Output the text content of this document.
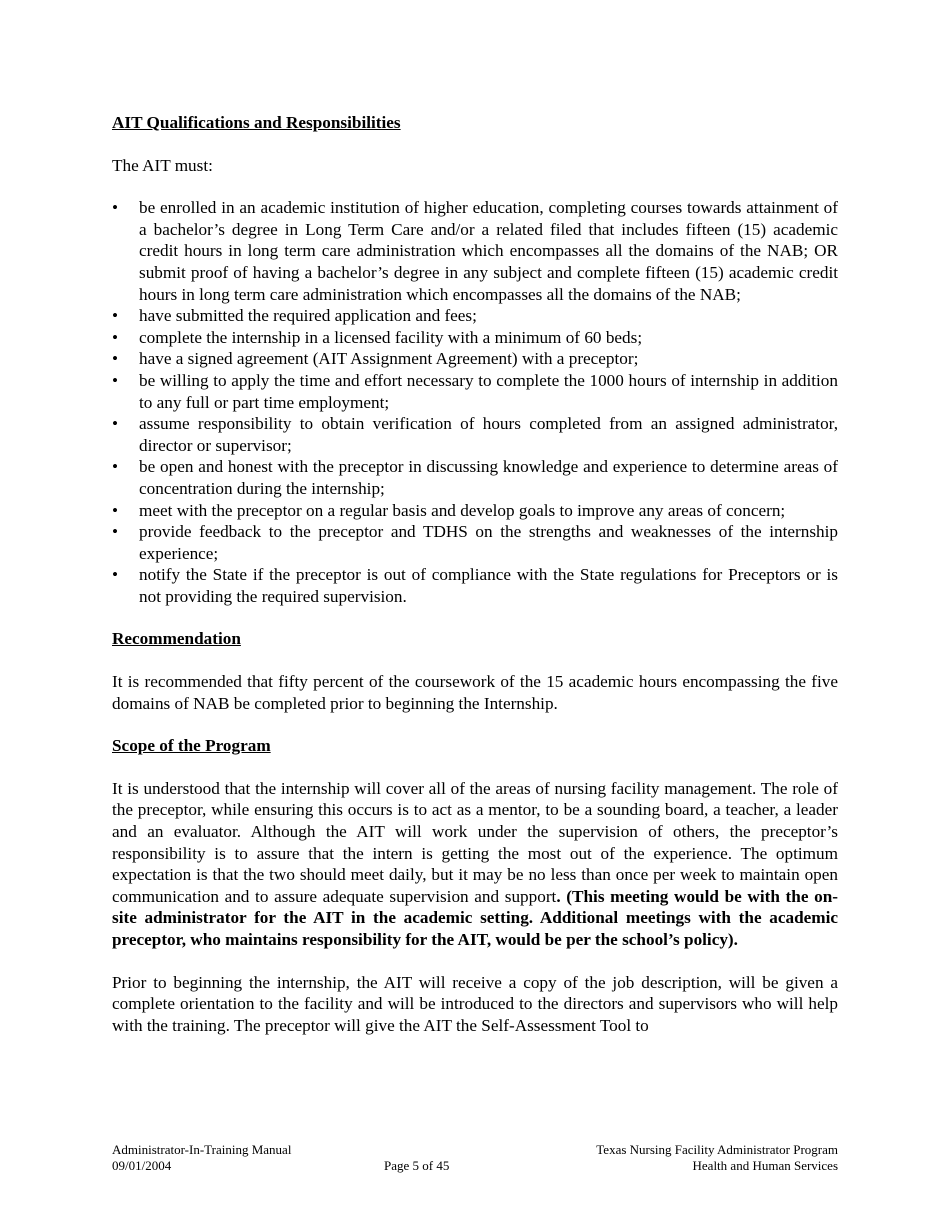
AIT Qualifications and Responsibilities

The AIT must:

•	be enrolled in an academic institution of higher education, completing courses towards attainment of a bachelor’s degree in Long Term Care and/or a related filed that includes fifteen (15) academic credit hours in long term care administration which encompasses all the domains of the NAB; OR submit proof of having a bachelor’s degree in any subject and complete fifteen (15) academic credit hours in long term care administration which encompasses all the domains of the NAB;
•	have submitted the required application and fees;
•	complete the internship in a licensed facility with a minimum of 60 beds;
•	have a signed agreement (AIT Assignment Agreement) with a preceptor;
•	be willing to apply the time and effort necessary to complete the 1000 hours of internship in addition to any full or part time employment;
•	assume responsibility to obtain verification of hours completed from an assigned administrator, director or supervisor;
•	be open and honest with the preceptor in discussing knowledge and experience to determine areas of concentration during the internship;
•	meet with the preceptor on a regular basis and develop goals to improve any areas of concern;
•	provide feedback to the preceptor and TDHS on the strengths and weaknesses of the internship experience;
•	notify the State if the preceptor is out of compliance with the State regulations for Preceptors or is not providing the required supervision.
Recommendation

It is recommended that fifty percent of the coursework of the 15 academic hours encompassing the five domains of NAB be completed prior to beginning the Internship.

Scope of the Program

It is understood that the internship will cover all of the areas of nursing facility management. The role of the preceptor, while ensuring this occurs is to act as a mentor, to be a sounding board, a teacher, a leader and an evaluator. Although the AIT will work under the supervision of others, the preceptor’s responsibility is to assure that the intern is getting the most out of the experience. The optimum expectation is that the two should meet daily, but it may be no less than once per week to maintain open communication and to assure adequate supervision and support. (This meeting would be with the on-site administrator for the AIT in the academic setting. Additional meetings with the academic preceptor, who maintains responsibility for the AIT, would be per the school’s policy).

Prior to beginning the internship, the AIT will receive a copy of the job description, will be given a complete orientation to the facility and will be introduced to the directors and supervisors who will help with the training. The preceptor will give the AIT the Self-Assessment Tool to

Administrator-In-Training Manual
09/01/2004	Page 5 of 45
Texas Nursing Facility Administrator Program
Health and Human Services
